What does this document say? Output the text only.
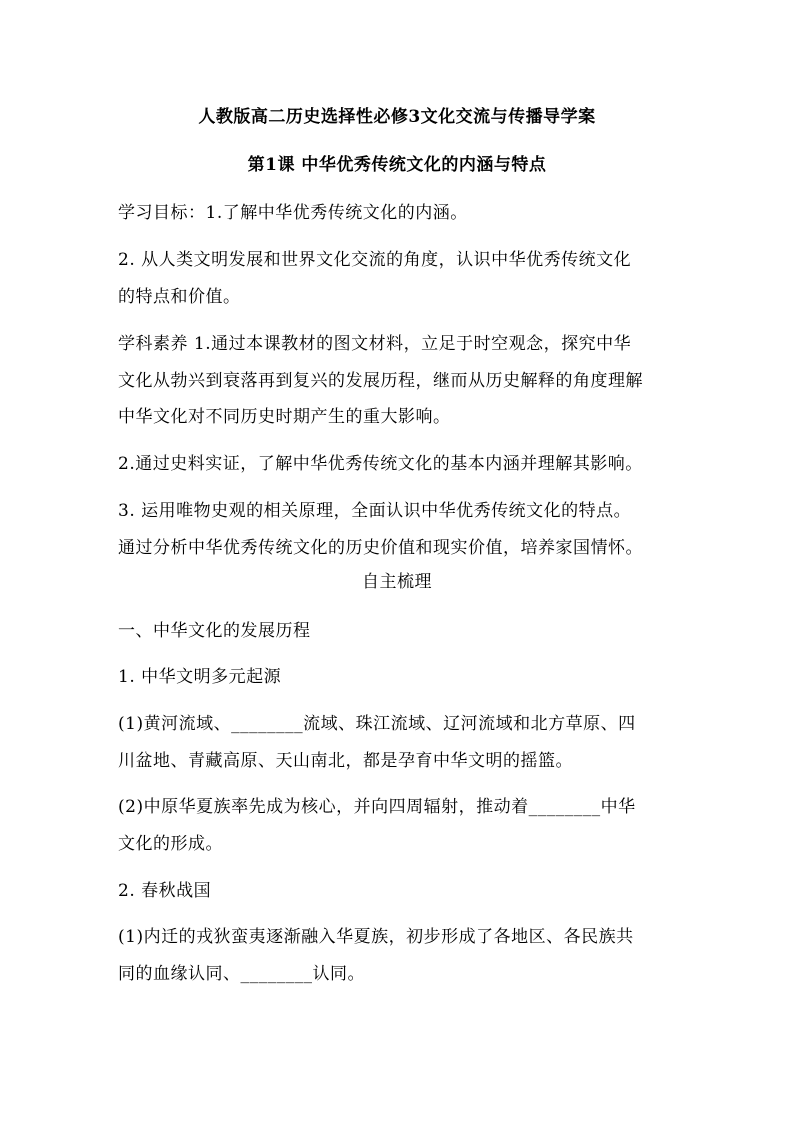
人教版高二历史选择性必修3文化交流与传播导学案
第1课 中华优秀传统文化的内涵与特点
学习目标：1.了解中华优秀传统文化的内涵。
2. 从人类文明发展和世界文化交流的角度，认识中华优秀传统文化
的特点和价值。
学科素养 1.通过本课教材的图文材料，立足于时空观念，探究中华
文化从勃兴到衰落再到复兴的发展历程，继而从历史解释的角度理解
中华文化对不同历史时期产生的重大影响。
2.通过史料实证，了解中华优秀传统文化的基本内涵并理解其影响。
3. 运用唯物史观的相关原理，全面认识中华优秀传统文化的特点。
通过分析中华优秀传统文化的历史价值和现实价值，培养家国情怀。
自主梳理
一、中华文化的发展历程
1. 中华文明多元起源
(1)黄河流域、________流域、珠江流域、辽河流域和北方草原、四
川盆地、青藏高原、天山南北，都是孕育中华文明的摇篮。
(2)中原华夏族率先成为核心，并向四周辐射，推动着________中华
文化的形成。
2. 春秋战国
(1)内迁的戎狄蛮夷逐渐融入华夏族，初步形成了各地区、各民族共
同的血缘认同、________认同。
